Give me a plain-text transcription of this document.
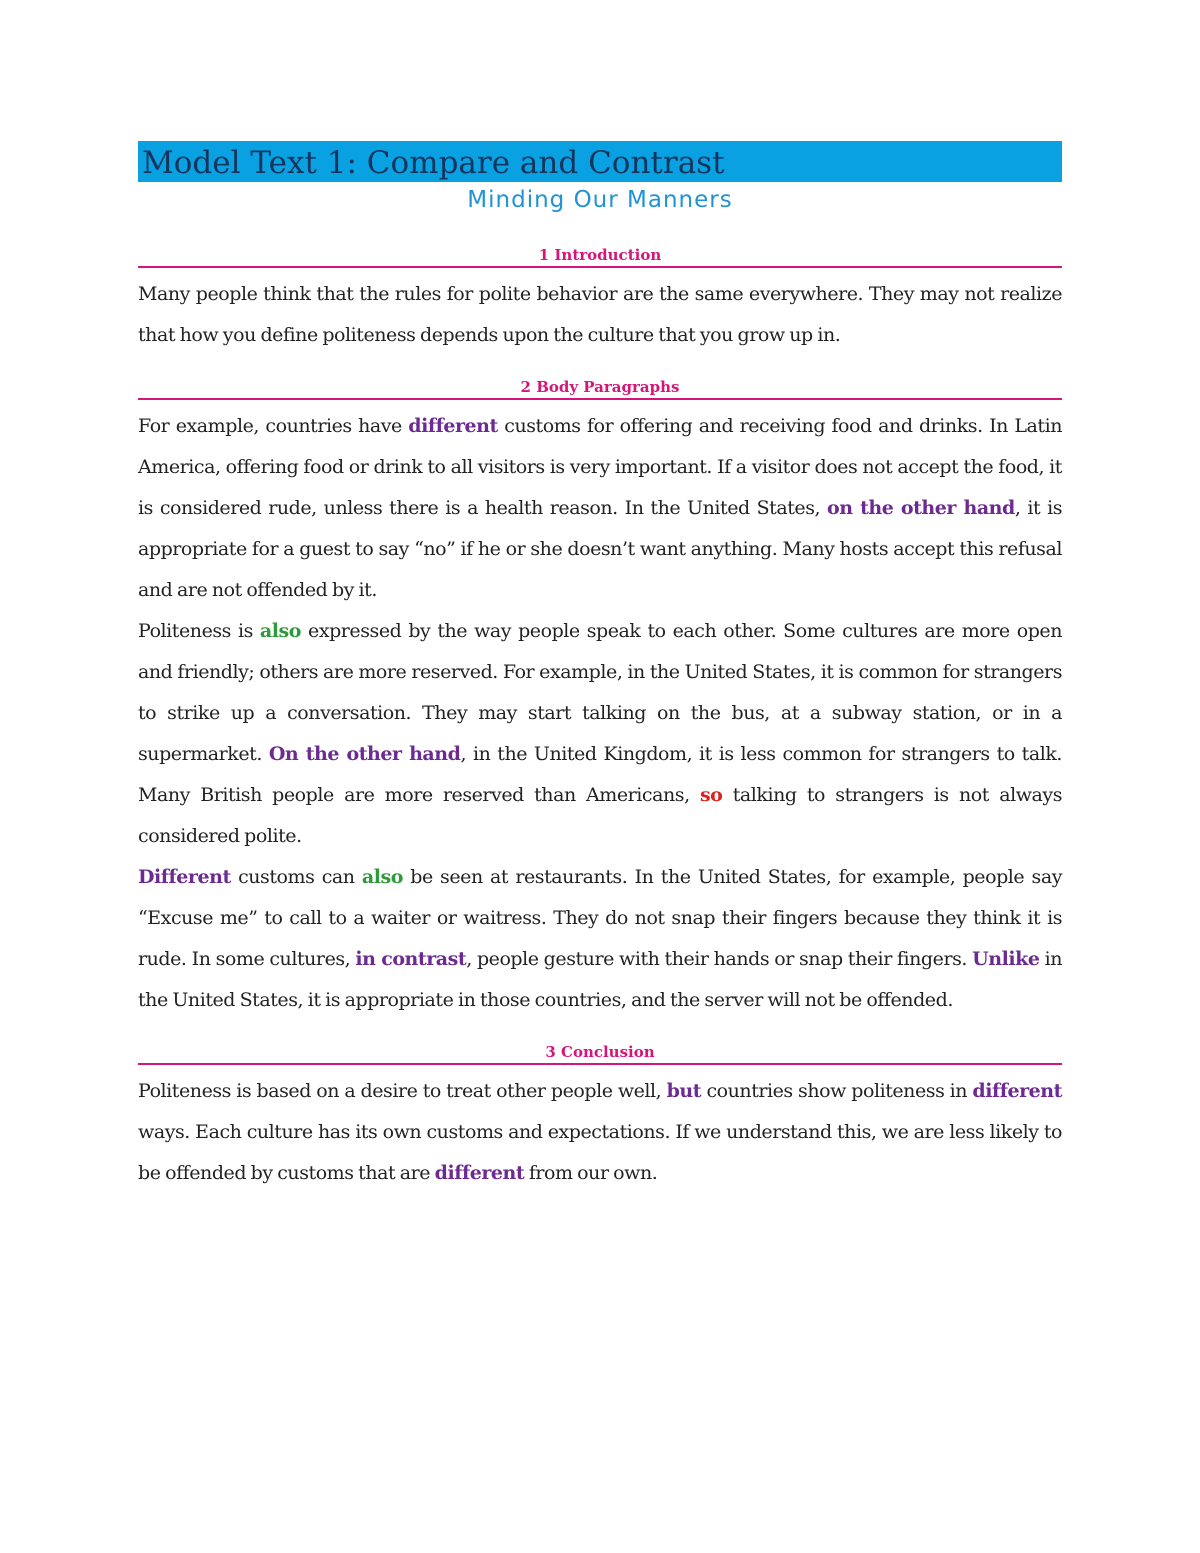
Model Text 1: Compare and Contrast
Minding Our Manners
1 Introduction

Many people think that the rules for polite behavior are the same everywhere. They may not realize that how you define politeness depends upon the culture that you grow up in.

2 Body Paragraphs

For example, countries have different customs for offering and receiving food and drinks. In Latin America, offering food or drink to all visitors is very important. If a visitor does not accept the food, it is considered rude, unless there is a health reason. In the United States, on the other hand, it is appropriate for a guest to say “no” if he or she doesn’t want anything. Many hosts accept this refusal and are not offended by it.

Politeness is also expressed by the way people speak to each other. Some cultures are more open and friendly; others are more reserved. For example, in the United States, it is common for strangers to strike up a conversation. They may start talking on the bus, at a subway station, or in a supermarket. On the other hand, in the United Kingdom, it is less common for strangers to talk. Many British people are more reserved than Americans, so talking to strangers is not always considered polite.

Different customs can also be seen at restaurants. In the United States, for example, people say “Excuse me” to call to a waiter or waitress. They do not snap their fingers because they think it is rude. In some cultures, in contrast, people gesture with their hands or snap their fingers. Unlike in the United States, it is appropriate in those countries, and the server will not be offended.

3 Conclusion

Politeness is based on a desire to treat other people well, but countries show politeness in different ways. Each culture has its own customs and expectations. If we understand this, we are less likely to be offended by customs that are different from our own.
